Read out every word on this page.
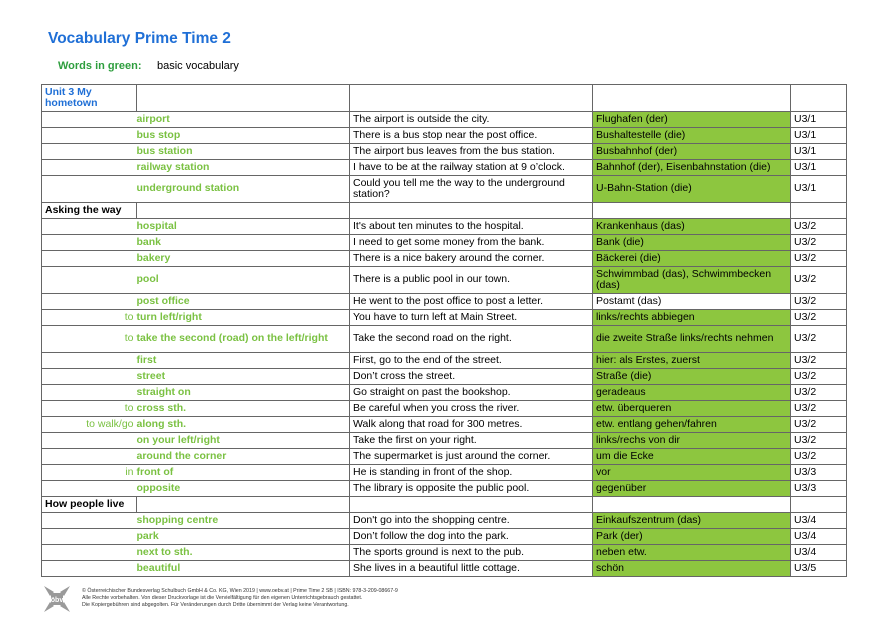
Vocabulary Prime Time 2
Words in green: basic vocabulary
Unit 3 My hometown				
	airport	The airport is outside the city.	Flughafen (der)	U3/1
	bus stop	There is a bus stop near the post office.	Bushaltestelle (die)	U3/1
	bus station	The airport bus leaves from the bus station.	Busbahnhof (der)	U3/1
	railway station	I have to be at the railway station at 9 o’clock.	Bahnhof (der), Eisenbahnstation (die)	U3/1
	underground station	Could you tell me the way to the underground station?	U-Bahn-Station (die)	U3/1
Asking the way				
	hospital	It's about ten minutes to the hospital.	Krankenhaus (das)	U3/2
	bank	I need to get some money from the bank.	Bank (die)	U3/2
	bakery	There is a nice bakery around the corner.	Bäckerei (die)	U3/2
	pool	There is a public pool in our town.	Schwimmbad (das), Schwimmbecken (das)	U3/2
	post office	He went to the post office to post a letter.	Postamt (das)	U3/2
to	turn left/right	You have to turn left at Main Street.	links/rechts abbiegen	U3/2
to	take the second (road) on the left/right	Take the second road on the right.	die zweite Straße links/rechts nehmen	U3/2
	first	First, go to the end of the street.	hier: als Erstes, zuerst	U3/2
	street	Don’t cross the street.	Straße (die)	U3/2
	straight on	Go straight on past the bookshop.	geradeaus	U3/2
to	cross sth.	Be careful when you cross the river.	etw. überqueren	U3/2
to walk/go	along sth.	Walk along that road for 300 metres.	etw. entlang gehen/fahren	U3/2
	on your left/right	Take the first on your right.	links/rechs von dir	U3/2
	around the corner	The supermarket is just around the corner.	um die Ecke	U3/2
in	front of	He is standing in front of the shop.	vor	U3/3
	opposite	The library is opposite the public pool.	gegenüber	U3/3
How people live				
	shopping centre	Don't go into the shopping centre.	Einkaufszentrum (das)	U3/4
	park	Don’t follow the dog into the park.	Park (der)	U3/4
	next to sth.	The sports ground is next to the pub.	neben etw.	U3/4
	beautiful	She lives in a beautiful little cottage.	schön	U3/5
öbv
© Österreichischer Bundesverlag Schulbuch GmbH & Co. KG, Wien 2019 | www.oebv.at | Prime Time 2 SB | ISBN: 978-3-209-08667-9
Alle Rechte vorbehalten. Von dieser Druckvorlage ist die Vervielfältigung für den eigenen Unterrichtsgebrauch gestattet.
Die Kopiergebühren sind abgegolten. Für Veränderungen durch Dritte übernimmt der Verlag keine Verantwortung.
